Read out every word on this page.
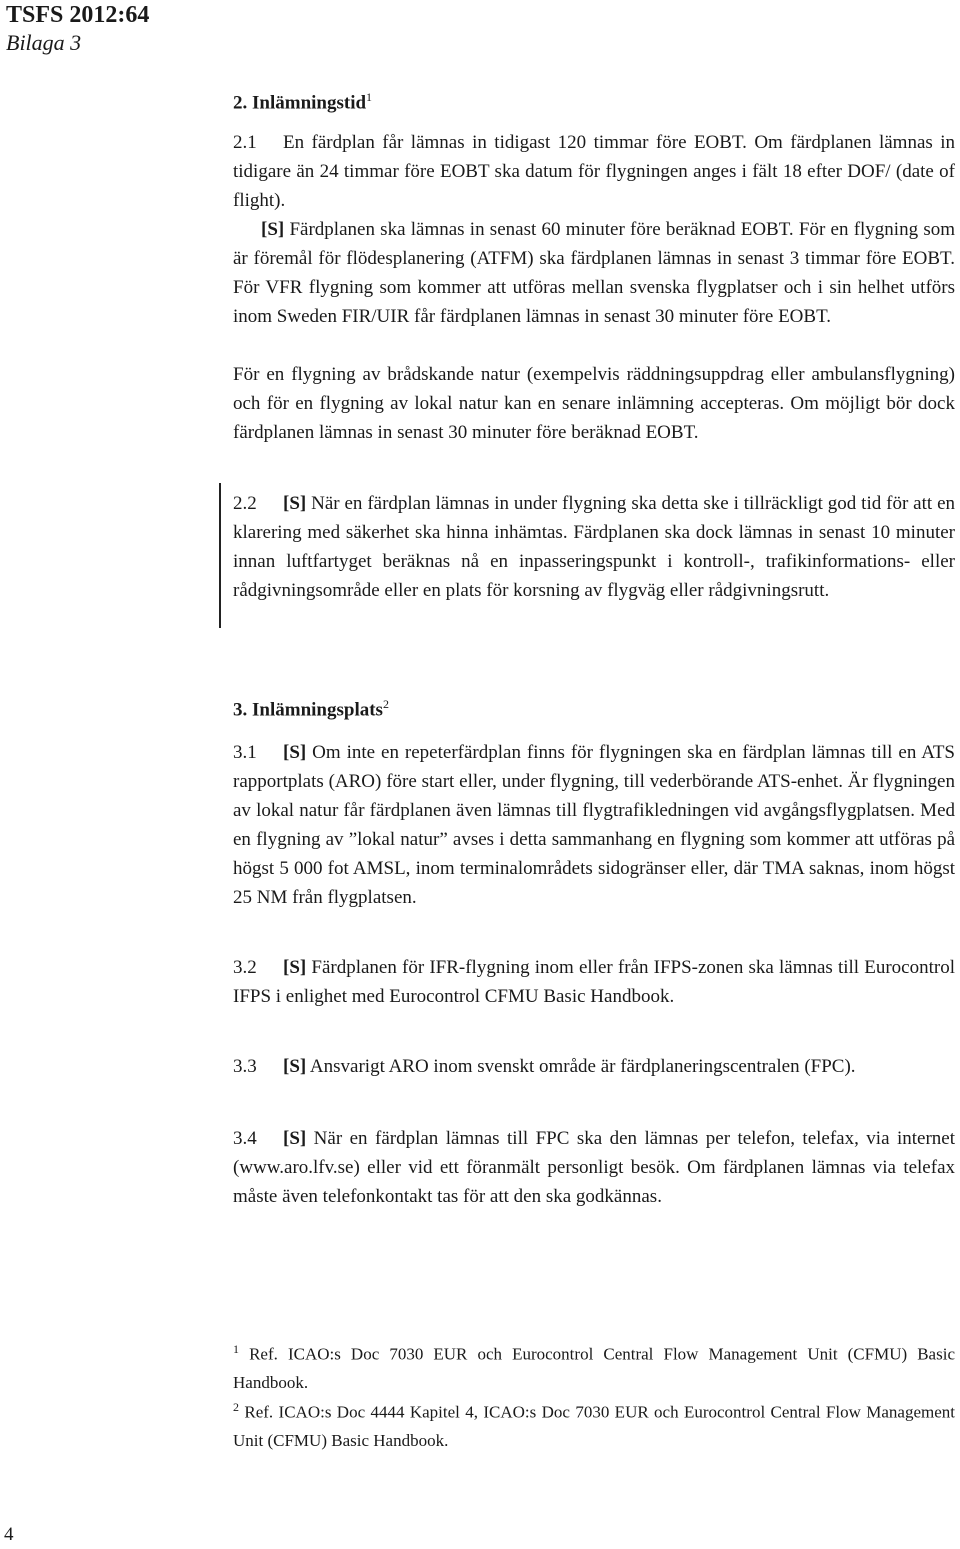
TSFS 2012:64
Bilaga 3
2. Inlämningstid$^1$

2.1 En färdplan får lämnas in tidigast 120 timmar före EOBT. Om färdplanen lämnas in tidigare än 24 timmar före EOBT ska datum för flygningen anges i fält 18 efter DOF/ (date of flight).

[S] Färdplanen ska lämnas in senast 60 minuter före beräknad EOBT. För en flygning som är föremål för flödesplanering (ATFM) ska färdplanen lämnas in senast 3 timmar före EOBT. För VFR flygning som kommer att utföras mellan svenska flygplatser och i sin helhet utförs inom Sweden FIR/UIR får färdplanen lämnas in senast 30 minuter före EOBT.

För en flygning av brådskande natur (exempelvis räddningsuppdrag eller ambulansflygning) och för en flygning av lokal natur kan en senare inlämning accepteras. Om möjligt bör dock färdplanen lämnas in senast 30 minuter före beräknad EOBT.

2.2 [S] När en färdplan lämnas in under flygning ska detta ske i tillräckligt god tid för att en klarering med säkerhet ska hinna inhämtas. Färdplanen ska dock lämnas in senast 10 minuter innan luftfartyget beräknas nå en inpasseringspunkt i kontroll-, trafikinformations- eller rådgivningsområde eller en plats för korsning av flygväg eller rådgivningsrutt.

3. Inlämningsplats$^2$

3.1 [S] Om inte en repeterfärdplan finns för flygningen ska en färdplan lämnas till en ATS rapportplats (ARO) före start eller, under flygning, till vederbörande ATS-enhet. Är flygningen av lokal natur får färdplanen även lämnas till flygtrafikledningen vid avgångsflygplatsen. Med en flygning av ”lokal natur” avses i detta sammanhang en flygning som kommer att utföras på högst 5 000 fot AMSL, inom terminalområdets sidogränser eller, där TMA saknas, inom högst 25 NM från flygplatsen.

3.2 [S] Färdplanen för IFR-flygning inom eller från IFPS-zonen ska lämnas till Eurocontrol IFPS i enlighet med Eurocontrol CFMU Basic Handbook.

3.3 [S] Ansvarigt ARO inom svenskt område är färdplaneringscentralen (FPC).

3.4 [S] När en färdplan lämnas till FPC ska den lämnas per telefon, telefax, via internet (www.aro.lfv.se) eller vid ett föranmält personligt besök. Om färdplanen lämnas via telefax måste även telefonkontakt tas för att den ska godkännas.

$^1$ Ref. ICAO:s Doc 7030 EUR och Eurocontrol Central Flow Management Unit (CFMU) Basic Handbook.
$^2$ Ref. ICAO:s Doc 4444 Kapitel 4, ICAO:s Doc 7030 EUR och Eurocontrol Central Flow Management Unit (CFMU) Basic Handbook.
4
